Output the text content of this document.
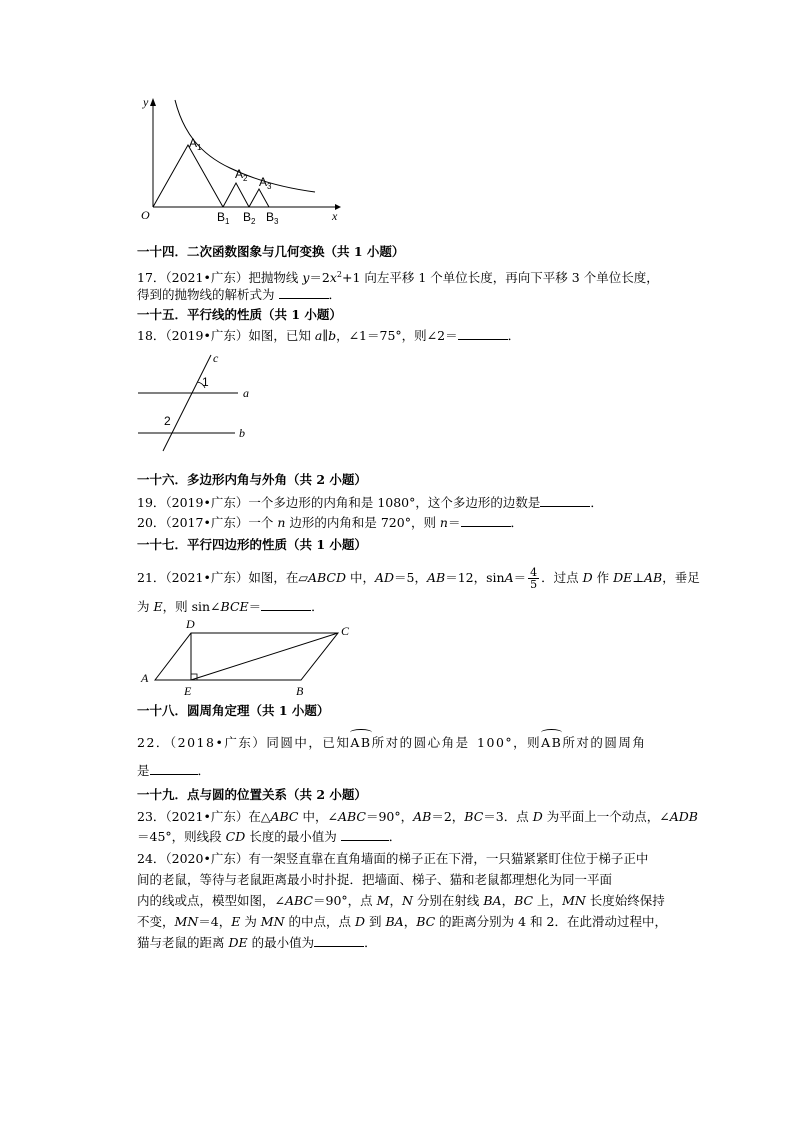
y
x
O
A 1
A 2 A 3
B 1 B 2 B 3
一十四．二次函数图象与几何变换（共 1 小题）
17．（2021•广东）把抛物线 $y=2x^2+1$ 向左平移 1 个单位长度，再向下平移 3 个单位长度，
得到的抛物线的解析式为	．
一十五．平行线的性质（共 1 小题）
18．（2019•广东）如图，已知 a∥b，∠1＝75°，则∠2＝	．
c
a
b
1
2
一十六．多边形内角与外角（共 2 小题）
19．（2019•广东）一个多边形的内角和是 1080°，这个多边形的边数是	．
20．（2017•广东）一个 n 边形的内角和是 720°，则 n＝	．
一十七．平行四边形的性质（共 1 小题）
21．（2021•广东）如图，在▱ABCD 中，AD＝5，AB＝12，$\sin A= \frac{4}{5}$ ．过点 D 作 DE⊥AB，垂足
为 E，则 sin∠BCE＝	．
A
B
C
D
E
一十八．圆周角定理（共 1 小题）
22．（2018•广东）同圆中，已知AB所对的圆心角是 100°，则AB所对的圆周角
是	．
一十九．点与圆的位置关系（共 2 小题）
23．（2021•广东）在△ABC 中，∠ABC＝90°，AB＝2，BC＝3．点 D 为平面上一个动点，∠ADB
＝45°，则线段 CD 长度的最小值为	．
24．（2020•广东）有一架竖直靠在直角墙面的梯子正在下滑，一只猫紧紧盯住位于梯子正中
间的老鼠，等待与老鼠距离最小时扑捉．把墙面、梯子、猫和老鼠都理想化为同一平面
内的线或点，模型如图，∠ABC＝90°，点 M，N 分别在射线 BA，BC 上，MN 长度始终保持
不变，MN＝4，E 为 MN 的中点，点 D 到 BA，BC 的距离分别为 4 和 2．在此滑动过程中，
猫与老鼠的距离 DE 的最小值为	．
